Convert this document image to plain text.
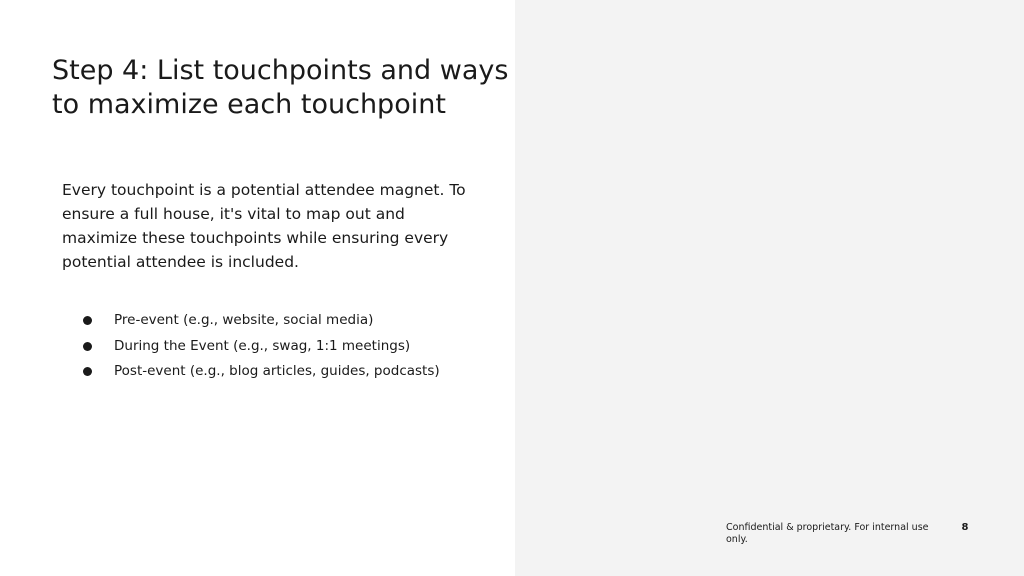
Step 4: List touchpoints and ways to maximize each touchpoint

Every touchpoint is a potential attendee magnet. To ensure a full house, it's vital to map out and maximize these touchpoints while ensuring every potential attendee is included.

Pre-event (e.g., website, social media)
During the Event (e.g., swag, 1:1 meetings)
Post-event (e.g., blog articles, guides, podcasts)
Confidential & proprietary. For internal use only.
8
